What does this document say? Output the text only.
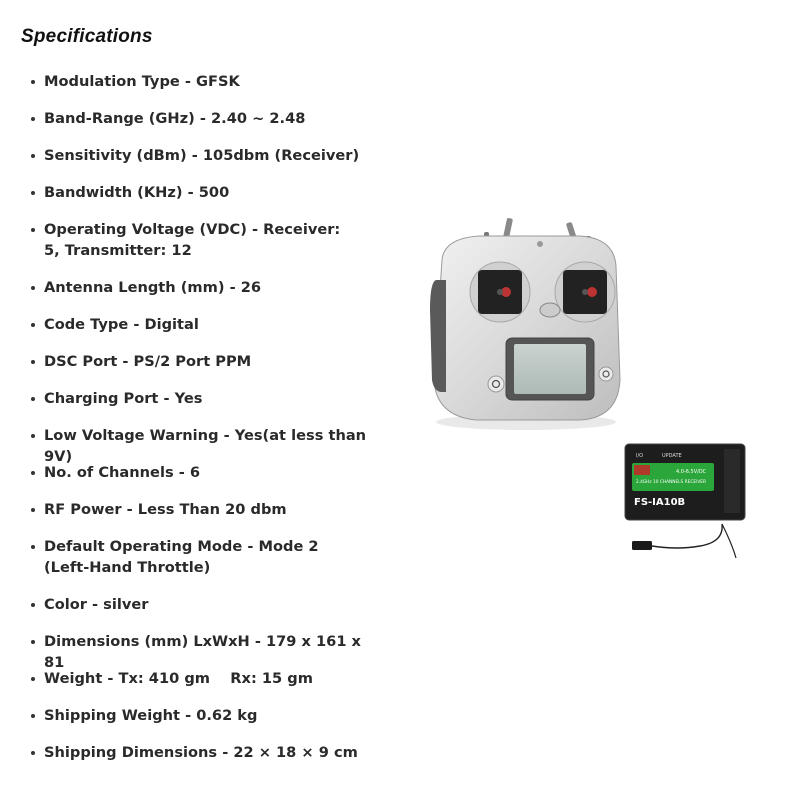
Specifications
Modulation Type - GFSK
Band-Range (GHz) - 2.40 ~ 2.48
Sensitivity (dBm) - 105dbm (Receiver)
Bandwidth (KHz) - 500
Operating Voltage (VDC) - Receiver: 5, Transmitter: 12
Antenna Length (mm) - 26
Code Type - Digital
DSC Port - PS/2 Port PPM
Charging Port - Yes
Low Voltage Warning - Yes(at less than 9V)
No. of Channels - 6
RF Power - Less Than 20 dbm
Default Operating Mode - Mode 2 (Left-Hand Throttle)
Color - silver
Dimensions (mm) LxWxH - 179 x 161 x 81
Weight - Tx: 410 gm    Rx: 15 gm
Shipping Weight - 0.62 kg
Shipping Dimensions - 22 × 18 × 9 cm
I/O	UPDATE
4.0-6.5V/DC
2.4GHz 10 CHANNELS RECEIVER
FS-IA10B
